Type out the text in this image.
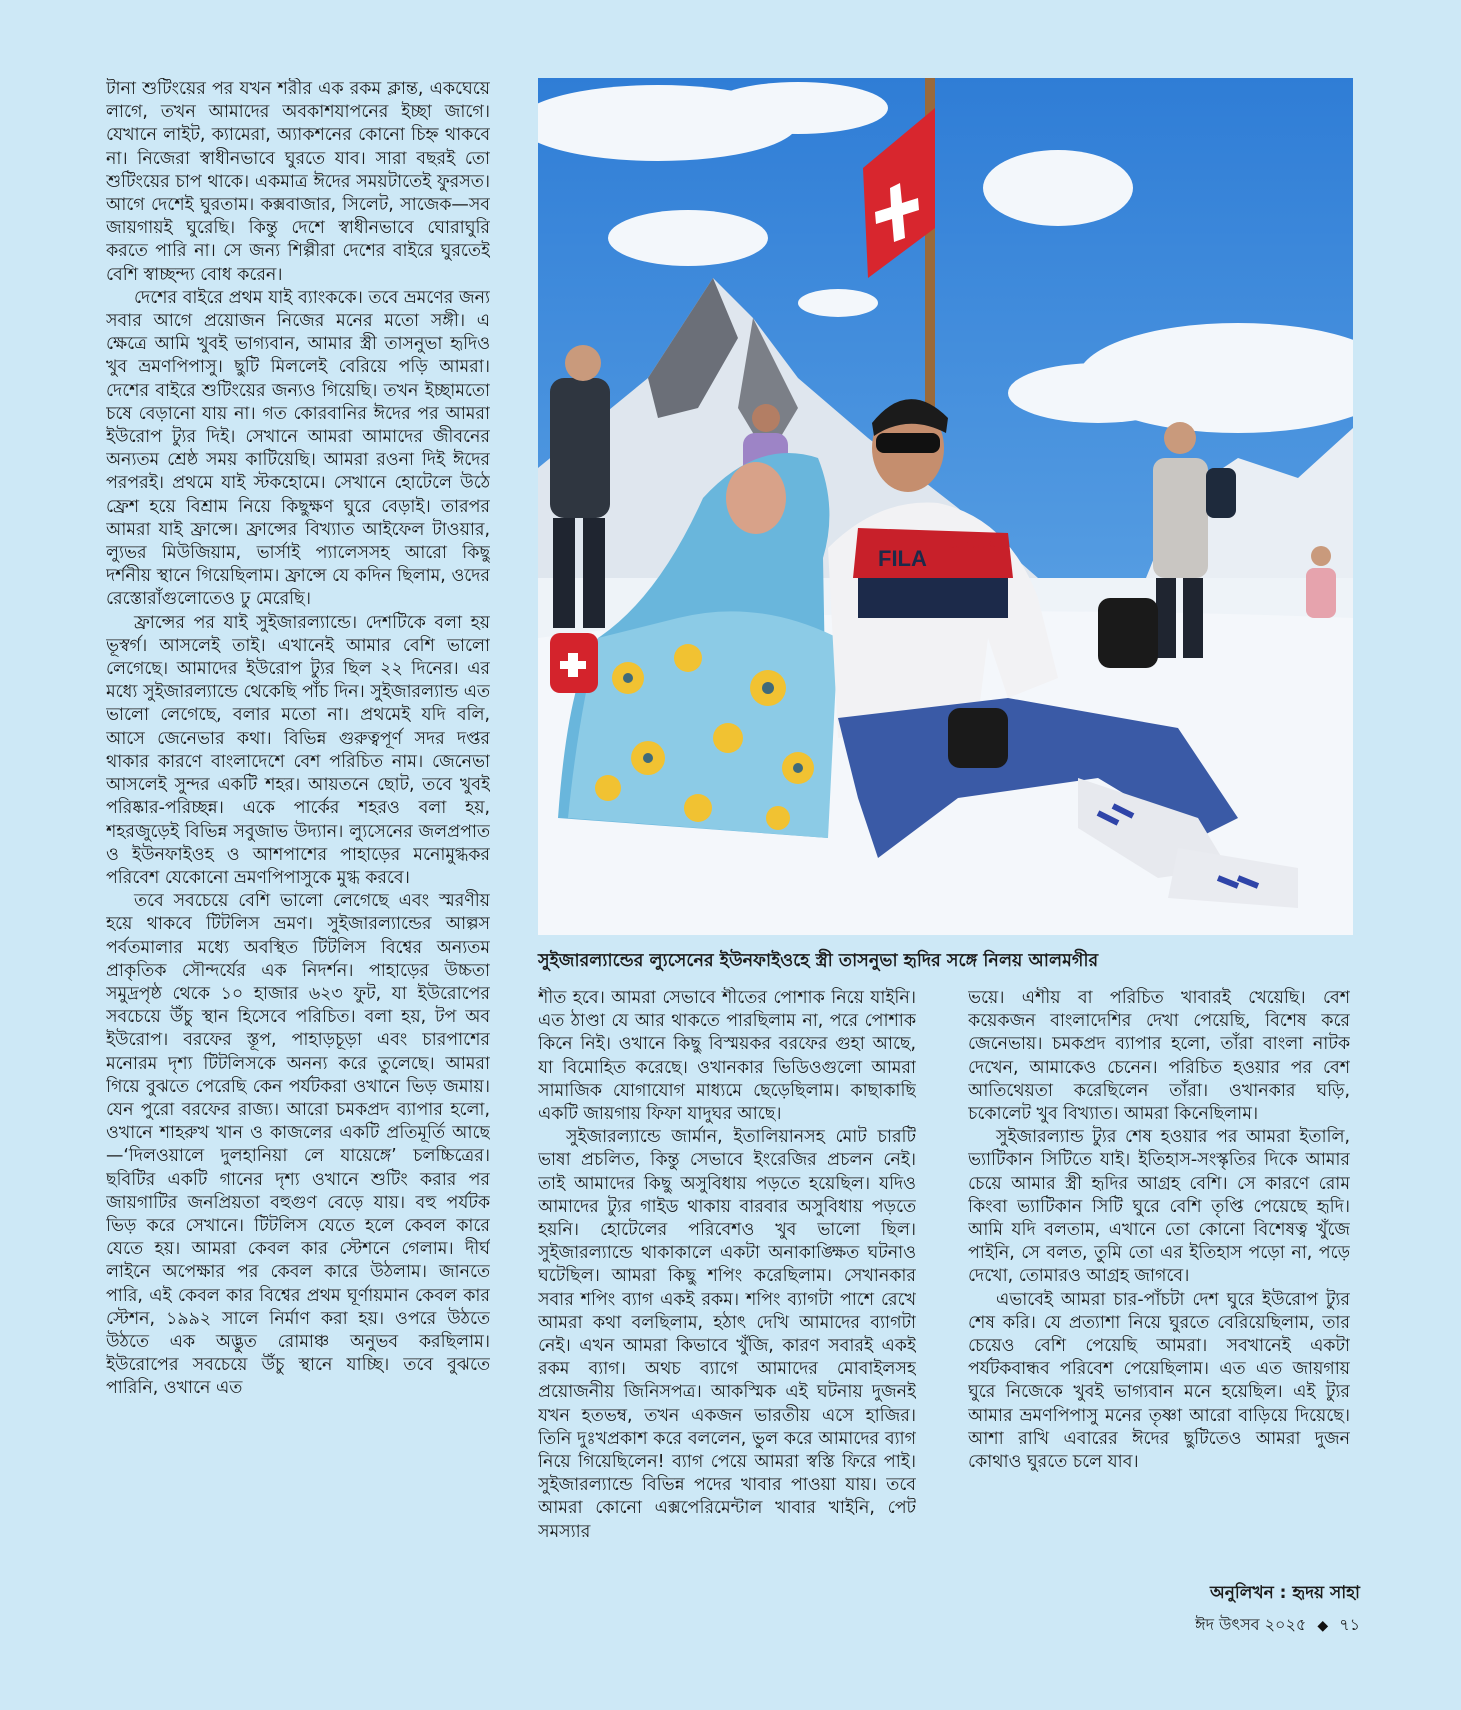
টানা শুটিংয়ের পর যখন শরীর এক রকম ক্লান্ত, একঘেয়ে লাগে, তখন আমাদের অবকাশযাপনের ইচ্ছা জাগে। যেখানে লাইট, ক্যামেরা, অ্যাকশনের কোনো চিহ্ন থাকবে না। নিজেরা স্বাধীনভাবে ঘুরতে যাব। সারা বছরই তো শুটিংয়ের চাপ থাকে। একমাত্র ঈদের সময়টাতেই ফুরসত। আগে দেশেই ঘুরতাম। কক্সবাজার, সিলেট, সাজেক—সব জায়গায়ই ঘুরেছি। কিন্তু দেশে স্বাধীনভাবে ঘোরাঘুরি করতে পারি না। সে জন্য শিল্পীরা দেশের বাইরে ঘুরতেই বেশি স্বাচ্ছন্দ্য বোধ করেন।

দেশের বাইরে প্রথম যাই ব্যাংককে। তবে ভ্রমণের জন্য সবার আগে প্রয়োজন নিজের মনের মতো সঙ্গী। এ ক্ষেত্রে আমি খুবই ভাগ্যবান, আমার স্ত্রী তাসনুভা হৃদিও খুব ভ্রমণপিপাসু। ছুটি মিললেই বেরিয়ে পড়ি আমরা। দেশের বাইরে শুটিংয়ের জন্যও গিয়েছি। তখন ইচ্ছামতো চষে বেড়ানো যায় না। গত কোরবানির ঈদের পর আমরা ইউরোপ ট্যুর দিই। সেখানে আমরা আমাদের জীবনের অন্যতম শ্রেষ্ঠ সময় কাটিয়েছি। আমরা রওনা দিই ঈদের পরপরই। প্রথমে যাই স্টকহোমে। সেখানে হোটেলে উঠে ফ্রেশ হয়ে বিশ্রাম নিয়ে কিছুক্ষণ ঘুরে বেড়াই। তারপর আমরা যাই ফ্রান্সে। ফ্রান্সের বিখ্যাত আইফেল টাওয়ার, ল্যুভর মিউজিয়াম, ভার্সাই প্যালেসসহ আরো কিছু দর্শনীয় স্থানে গিয়েছিলাম। ফ্রান্সে যে কদিন ছিলাম, ওদের রেস্তোরাঁগুলোতেও ঢু মেরেছি।

ফ্রান্সের পর যাই সুইজারল্যান্ডে। দেশটিকে বলা হয় ভূস্বর্গ। আসলেই তাই। এখানেই আমার বেশি ভালো লেগেছে। আমাদের ইউরোপ ট্যুর ছিল ২২ দিনের। এর মধ্যে সুইজারল্যান্ডে থেকেছি পাঁচ দিন। সুইজারল্যান্ড এত ভালো লেগেছে, বলার মতো না। প্রথমেই যদি বলি, আসে জেনেভার কথা। বিভিন্ন গুরুত্বপূর্ণ সদর দপ্তর থাকার কারণে বাংলাদেশে বেশ পরিচিত নাম। জেনেভা আসলেই সুন্দর একটি শহর। আয়তনে ছোট, তবে খুবই পরিষ্কার-পরিচ্ছন্ন। একে পার্কের শহরও বলা হয়, শহরজুড়েই বিভিন্ন সবুজাভ উদ্যান। ল্যুসেনের জলপ্রপাত ও ইউনফাইওহ ও আশপাশের পাহাড়ের মনোমুগ্ধকর পরিবেশ যেকোনো ভ্রমণপিপাসুকে মুগ্ধ করবে।

তবে সবচেয়ে বেশি ভালো লেগেছে এবং স্মরণীয় হয়ে থাকবে টিটলিস ভ্রমণ। সুইজারল্যান্ডের আল্পস পর্বতমালার মধ্যে অবস্থিত টিটলিস বিশ্বের অন্যতম প্রাকৃতিক সৌন্দর্যের এক নিদর্শন। পাহাড়ের উচ্চতা সমুদ্রপৃষ্ঠ থেকে ১০ হাজার ৬২৩ ফুট, যা ইউরোপের সবচেয়ে উঁচু স্থান হিসেবে পরিচিত। বলা হয়, টপ অব ইউরোপ। বরফের স্তূপ, পাহাড়চূড়া এবং চারপাশের মনোরম দৃশ্য টিটলিসকে অনন্য করে তুলেছে। আমরা গিয়ে বুঝতে পেরেছি কেন পর্যটকরা ওখানে ভিড় জমায়। যেন পুরো বরফের রাজ্য। আরো চমকপ্রদ ব্যাপার হলো, ওখানে শাহরুখ খান ও কাজলের একটি প্রতিমূর্তি আছে—‘দিলওয়ালে দুলহানিয়া লে যায়েঙ্গে’ চলচ্চিত্রের। ছবিটির একটি গানের দৃশ্য ওখানে শুটিং করার পর জায়গাটির জনপ্রিয়তা বহুগুণ বেড়ে যায়। বহু পর্যটক ভিড় করে সেখানে। টিটলিস যেতে হলে কেবল কারে যেতে হয়। আমরা কেবল কার স্টেশনে গেলাম। দীর্ঘ লাইনে অপেক্ষার পর কেবল কারে উঠলাম। জানতে পারি, এই কেবল কার বিশ্বের প্রথম ঘূর্ণায়মান কেবল কার স্টেশন, ১৯৯২ সালে নির্মাণ করা হয়। ওপরে উঠতে উঠতে এক অদ্ভুত রোমাঞ্চ অনুভব করছিলাম। ইউরোপের সবচেয়ে উঁচু স্থানে যাচ্ছি। তবে বুঝতে পারিনি, ওখানে এত

FILA
SPORT
সুইজারল্যান্ডের ল্যুসেনের ইউনফাইওহে স্ত্রী তাসনুভা হৃদির সঙ্গে নিলয় আলমগীর

শীত হবে। আমরা সেভাবে শীতের পোশাক নিয়ে যাইনি। এত ঠাণ্ডা যে আর থাকতে পারছিলাম না, পরে পোশাক কিনে নিই। ওখানে কিছু বিস্ময়কর বরফের গুহা আছে, যা বিমোহিত করেছে। ওখানকার ভিডিওগুলো আমরা সামাজিক যোগাযোগ মাধ্যমে ছেড়েছিলাম। কাছাকাছি একটি জায়গায় ফিফা যাদুঘর আছে।

সুইজারল্যান্ডে জার্মান, ইতালিয়ানসহ মোট চারটি ভাষা প্রচলিত, কিন্তু সেভাবে ইংরেজির প্রচলন নেই। তাই আমাদের কিছু অসুবিধায় পড়তে হয়েছিল। যদিও আমাদের ট্যুর গাইড থাকায় বারবার অসুবিধায় পড়তে হয়নি। হোটেলের পরিবেশও খুব ভালো ছিল। সুইজারল্যান্ডে থাকাকালে একটা অনাকাঙ্ক্ষিত ঘটনাও ঘটেছিল। আমরা কিছু শপিং করেছিলাম। সেখানকার সবার শপিং ব্যাগ একই রকম। শপিং ব্যাগটা পাশে রেখে আমরা কথা বলছিলাম, হঠাৎ দেখি আমাদের ব্যাগটা নেই। এখন আমরা কিভাবে খুঁজি, কারণ সবারই একই রকম ব্যাগ। অথচ ব্যাগে আমাদের মোবাইলসহ প্রয়োজনীয় জিনিসপত্র। আকস্মিক এই ঘটনায় দুজনই যখন হতভম্ব, তখন একজন ভারতীয় এসে হাজির। তিনি দুঃখপ্রকাশ করে বললেন, ভুল করে আমাদের ব্যাগ নিয়ে গিয়েছিলেন! ব্যাগ পেয়ে আমরা স্বস্তি ফিরে পাই। সুইজারল্যান্ডে বিভিন্ন পদের খাবার পাওয়া যায়। তবে আমরা কোনো এক্সপেরিমেন্টাল খাবার খাইনি, পেট সমস্যার

ভয়ে। এশীয় বা পরিচিত খাবারই খেয়েছি। বেশ কয়েকজন বাংলাদেশির দেখা পেয়েছি, বিশেষ করে জেনেভায়। চমকপ্রদ ব্যাপার হলো, তাঁরা বাংলা নাটক দেখেন, আমাকেও চেনেন। পরিচিত হওয়ার পর বেশ আতিথেয়তা করেছিলেন তাঁরা। ওখানকার ঘড়ি, চকোলেট খুব বিখ্যাত। আমরা কিনেছিলাম।

সুইজারল্যান্ড ট্যুর শেষ হওয়ার পর আমরা ইতালি, ভ্যাটিকান সিটিতে যাই। ইতিহাস-সংস্কৃতির দিকে আমার চেয়ে আমার স্ত্রী হৃদির আগ্রহ বেশি। সে কারণে রোম কিংবা ভ্যাটিকান সিটি ঘুরে বেশি তৃপ্তি পেয়েছে হৃদি। আমি যদি বলতাম, এখানে তো কোনো বিশেষত্ব খুঁজে পাইনি, সে বলত, তুমি তো এর ইতিহাস পড়ো না, পড়ে দেখো, তোমারও আগ্রহ জাগবে।

এভাবেই আমরা চার-পাঁচটা দেশ ঘুরে ইউরোপ ট্যুর শেষ করি। যে প্রত্যাশা নিয়ে ঘুরতে বেরিয়েছিলাম, তার চেয়েও বেশি পেয়েছি আমরা। সবখানেই একটা পর্যটকবান্ধব পরিবেশ পেয়েছিলাম। এত এত জায়গায় ঘুরে নিজেকে খুবই ভাগ্যবান মনে হয়েছিল। এই ট্যুর আমার ভ্রমণপিপাসু মনের তৃষ্ণা আরো বাড়িয়ে দিয়েছে। আশা রাখি এবারের ঈদের ছুটিতেও আমরা দুজন কোথাও ঘুরতে চলে যাব।

অনুলিখন : হৃদয় সাহা
ঈদ উৎসব ২০২৫ ◆ ৭১
